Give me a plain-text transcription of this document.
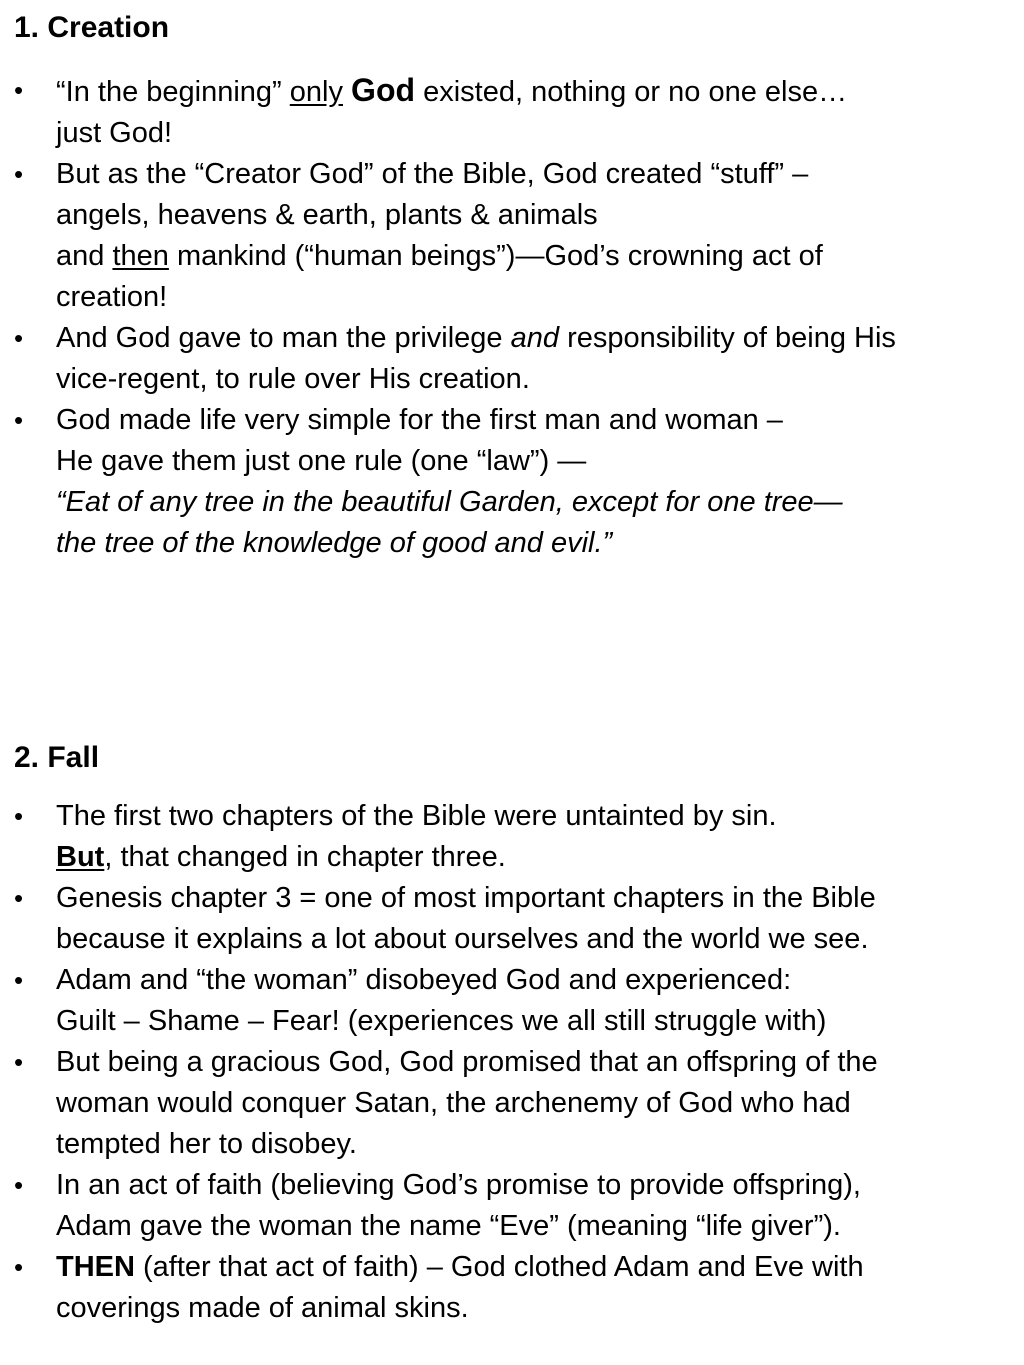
1. Creation
• “In the beginning” only God existed, nothing or no one else…
just God!
• But as the “Creator God” of the Bible, God created “stuff” –
angels, heavens & earth, plants & animals
and then mankind (“human beings”)—God’s crowning act of
creation!
• And God gave to man the privilege and responsibility of being His
vice-regent, to rule over His creation.
• God made life very simple for the first man and woman –
He gave them just one rule (one “law”) —
“Eat of any tree in the beautiful Garden, except for one tree—
the tree of the knowledge of good and evil.”
2. Fall
• The first two chapters of the Bible were untainted by sin.
But, that changed in chapter three.
• Genesis chapter 3 = one of most important chapters in the Bible
because it explains a lot about ourselves and the world we see.
• Adam and “the woman” disobeyed God and experienced:
Guilt – Shame – Fear! (experiences we all still struggle with)
• But being a gracious God, God promised that an offspring of the
woman would conquer Satan, the archenemy of God who had
tempted her to disobey.
• In an act of faith (believing God’s promise to provide offspring),
Adam gave the woman the name “Eve” (meaning “life giver”).
• THEN (after that act of faith) – God clothed Adam and Eve with
coverings made of animal skins.
